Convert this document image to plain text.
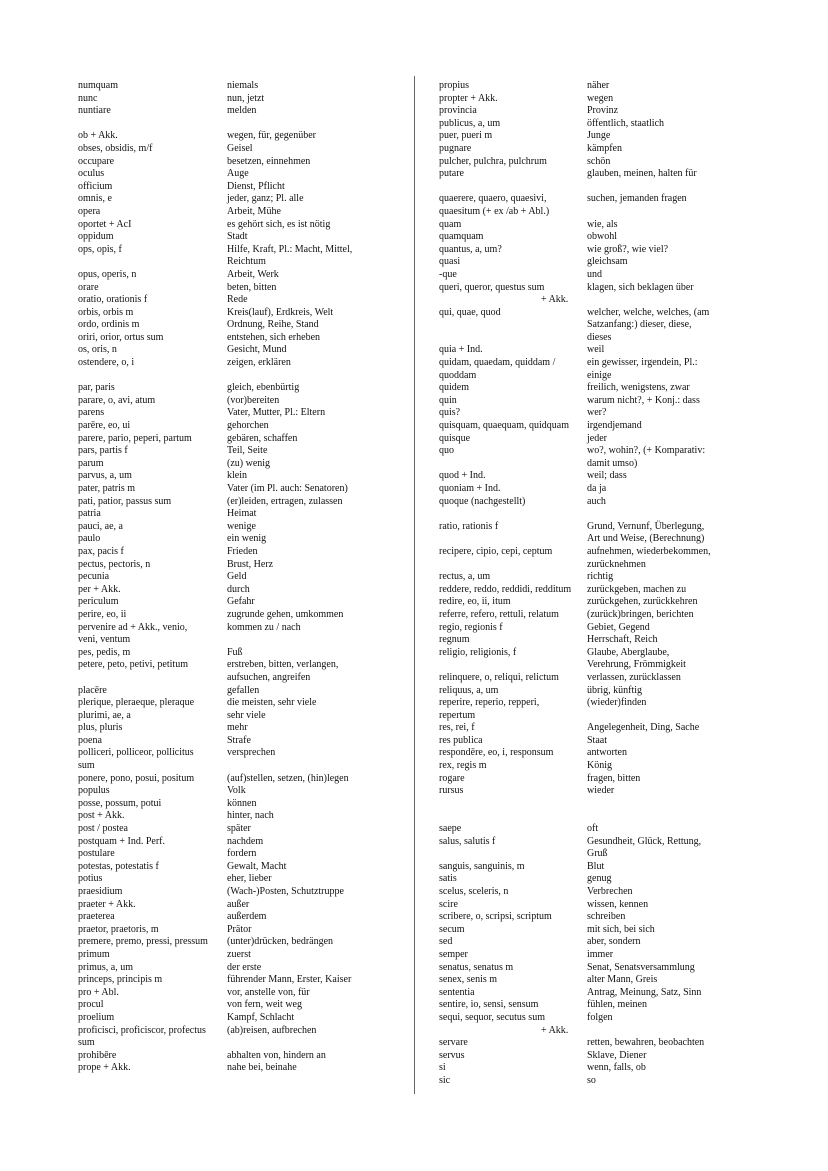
numquam	niemals
nunc	nun, jetzt
nuntiare	melden
ob + Akk.	wegen, für, gegenüber
obses, obsidis, m/f	Geisel
occupare	besetzen, einnehmen
oculus	Auge
officium	Dienst, Pflicht
omnis, e	jeder, ganz; Pl. alle
opera	Arbeit, Mühe
oportet + AcI	es gehört sich, es ist nötig
oppidum	Stadt
ops, opis, f	Hilfe, Kraft, Pl.: Macht, Mittel,
Reichtum
opus, operis, n	Arbeit, Werk
orare	beten, bitten
oratio, orationis f	Rede
orbis, orbis m	Kreis(lauf), Erdkreis, Welt
ordo, ordinis m	Ordnung, Reihe, Stand
oriri, orior, ortus sum	entstehen, sich erheben
os, oris, n	Gesicht, Mund
ostendere, o, i	zeigen, erklären
par, paris	gleich, ebenbürtig
parare, o, avi, atum	(vor)bereiten
parens	Vater, Mutter, Pl.: Eltern
parēre, eo, ui	gehorchen
parere, pario, peperi, partum	gebären, schaffen
pars, partis f	Teil, Seite
parum	(zu) wenig
parvus, a, um	klein
pater, patris m	Vater (im Pl. auch: Senatoren)
pati, patior, passus sum	(er)leiden, ertragen, zulassen
patria	Heimat
pauci, ae, a	wenige
paulo	ein wenig
pax, pacis f	Frieden
pectus, pectoris, n	Brust, Herz
pecunia	Geld
per + Akk.	durch
periculum	Gefahr
perire, eo, ii	zugrunde gehen, umkommen
pervenire ad + Akk., venio,	kommen zu / nach
veni, ventum
pes, pedis, m	Fuß
petere, peto, petivi, petitum	erstreben, bitten, verlangen,
aufsuchen, angreifen
placēre	gefallen
plerique, pleraeque, pleraque	die meisten, sehr viele
plurimi, ae, a	sehr viele
plus, pluris	mehr
poena	Strafe
polliceri, polliceor, pollicitus	versprechen
sum
ponere, pono, posui, positum	(auf)stellen, setzen, (hin)legen
populus	Volk
posse, possum, potui	können
post + Akk.	hinter, nach
post / postea	später
postquam + Ind. Perf.	nachdem
postulare	fordern
potestas, potestatis f	Gewalt, Macht
potius	eher, lieber
praesidium	(Wach-)Posten, Schutztruppe
praeter + Akk.	außer
praeterea	außerdem
praetor, praetoris, m	Prätor
premere, premo, pressi, pressum	(unter)drücken, bedrängen
primum	zuerst
primus, a, um	der erste
princeps, principis m	führender Mann, Erster, Kaiser
pro + Abl.	vor, anstelle von, für
procul	von fern, weit weg
proelium	Kampf, Schlacht
proficisci, proficiscor, profectus	(ab)reisen, aufbrechen
sum
prohibēre	abhalten von, hindern an
prope + Akk.	nahe bei, beinahe
propius	näher
propter + Akk.	wegen
provincia	Provinz
publicus, a, um	öffentlich, staatlich
puer, pueri m	Junge
pugnare	kämpfen
pulcher, pulchra, pulchrum	schön
putare	glauben, meinen, halten für
quaerere, quaero, quaesivi,	suchen, jemanden fragen
quaesitum (+ ex /ab + Abl.)
quam	wie, als
quamquam	obwohl
quantus, a, um?	wie groß?, wie viel?
quasi	gleichsam
-que	und
queri, queror, questus sum	klagen, sich beklagen über
+ Akk.
qui, quae, quod	welcher, welche, welches, (am
Satzanfang:) dieser, diese,
dieses
quia + Ind.	weil
quidam, quaedam, quiddam /	ein gewisser, irgendein, Pl.:
quoddam	einige
quidem	freilich, wenigstens, zwar
quin	warum nicht?, + Konj.: dass
quis?	wer?
quisquam, quaequam, quidquam	irgendjemand
quisque	jeder
quo	wo?, wohin?, (+ Komparativ:
damit umso)
quod + Ind.	weil; dass
quoniam + Ind.	da ja
quoque (nachgestellt)	auch
ratio, rationis f	Grund, Vernunf, Überlegung,
Art und Weise, (Berechnung)
recipere, cipio, cepi, ceptum	aufnehmen, wiederbekommen,
zurücknehmen
rectus, a, um	richtig
reddere, reddo, reddidi, redditum	zurückgeben, machen zu
redire, eo, ii, itum	zurückgehen, zurückkehren
referre, refero, rettuli, relatum	(zurück)bringen, berichten
regio, regionis f	Gebiet, Gegend
regnum	Herrschaft, Reich
religio, religionis, f	Glaube, Aberglaube,
Verehrung, Frömmigkeit
relinquere, o, reliqui, relictum	verlassen, zurücklassen
reliquus, a, um	übrig, künftig
reperire, reperio, repperi,	(wieder)finden
repertum
res, rei, f	Angelegenheit, Ding, Sache
res publica	Staat
respondēre, eo, i, responsum	antworten
rex, regis m	König
rogare	fragen, bitten
rursus	wieder
saepe	oft
salus, salutis f	Gesundheit, Glück, Rettung,
Gruß
sanguis, sanguinis, m	Blut
satis	genug
scelus, sceleris, n	Verbrechen
scire	wissen, kennen
scribere, o, scripsi, scriptum	schreiben
secum	mit sich, bei sich
sed	aber, sondern
semper	immer
senatus, senatus m	Senat, Senatsversammlung
senex, senis m	alter Mann, Greis
sententia	Antrag, Meinung, Satz, Sinn
sentire, io, sensi, sensum	fühlen, meinen
sequi, sequor, secutus sum	folgen
+ Akk.
servare	retten, bewahren, beobachten
servus	Sklave, Diener
si	wenn, falls, ob
sic	so
